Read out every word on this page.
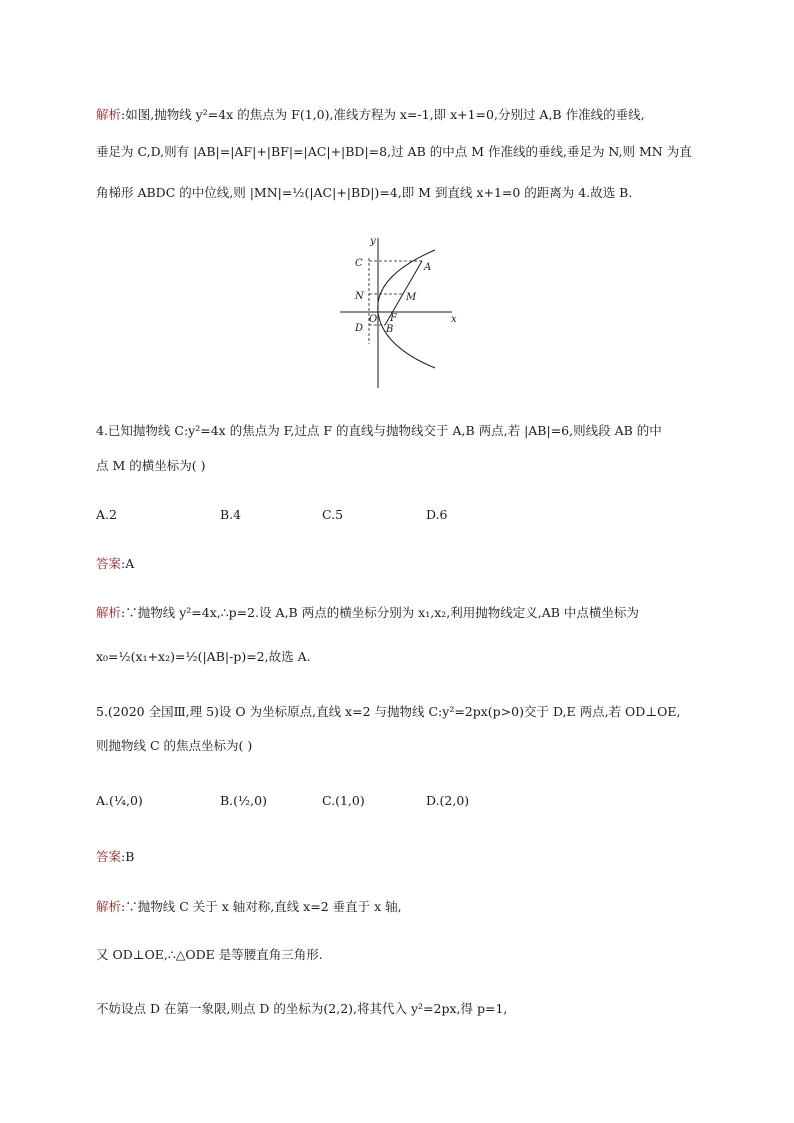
解析:如图,抛物线 y²=4x 的焦点为 F(1,0),准线方程为 x=-1,即 x+1=0,分别过 A,B 作准线的垂线,
垂足为 C,D,则有 |AB|=|AF|+|BF|=|AC|+|BD|=8,过 AB 的中点 M 作准线的垂线,垂足为 N,则 MN 为直
角梯形 ABDC 的中位线,则 |MN|=½(|AC|+|BD|)=4,即 M 到直线 x+1=0 的距离为 4.故选 B.
y
x
C	A
N	M
O F
D B
4.已知抛物线 C:y²=4x 的焦点为 F,过点 F 的直线与抛物线交于 A,B 两点,若 |AB|=6,则线段 AB 的中
点 M 的横坐标为( )
A.2	B.4	C.5	D.6
答案:A
解析:∵抛物线 y²=4x,∴p=2.设 A,B 两点的横坐标分别为 x₁,x₂,利用抛物线定义,AB 中点横坐标为
x₀=½(x₁+x₂)=½(|AB|-p)=2,故选 A.
5.(2020 全国Ⅲ,理 5)设 O 为坐标原点,直线 x=2 与抛物线 C:y²=2px(p>0)交于 D,E 两点,若 OD⊥OE,
则抛物线 C 的焦点坐标为( )
A.(¼,0)	B.(½,0)	C.(1,0)	D.(2,0)
答案:B
解析:∵抛物线 C 关于 x 轴对称,直线 x=2 垂直于 x 轴,
又 OD⊥OE,∴△ODE 是等腰直角三角形.
不妨设点 D 在第一象限,则点 D 的坐标为(2,2),将其代入 y²=2px,得 p=1,
